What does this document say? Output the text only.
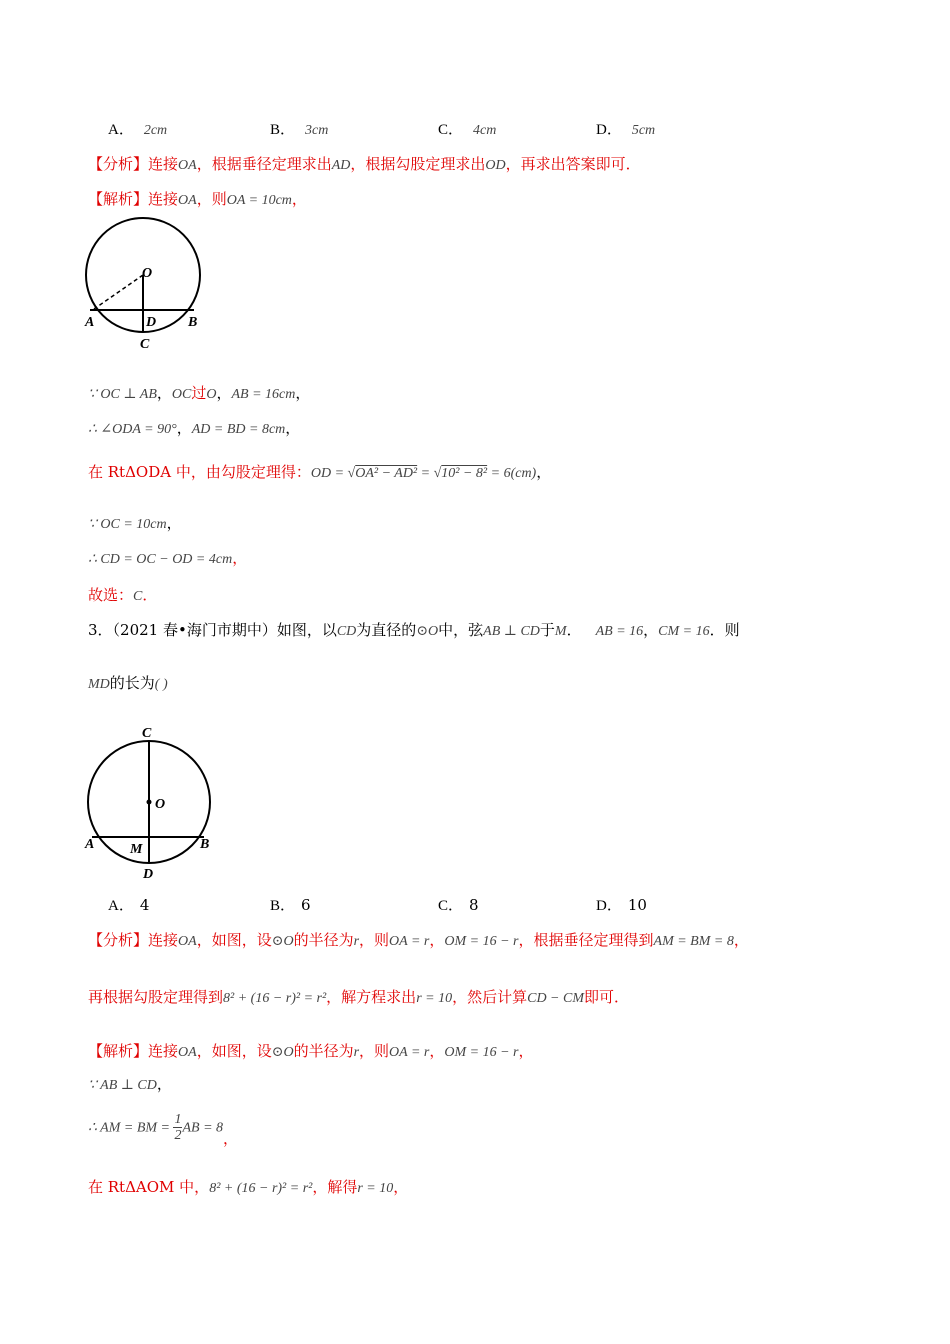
A． 2cm	B． 3cm	C． 4cm	D． 5cm
【分析】连接OA，根据垂径定理求出AD，根据勾股定理求出OD，再求出答案即可．
【解析】连接OA，则OA = 10cm，
O
A	D B
C
∵ OC ⊥ AB，OC过O，AB = 16cm，
∴ ∠ODA = 90°，AD = BD = 8cm，
在 RtΔODA 中，由勾股定理得：OD = √OA² − AD² = √10² − 8² = 6(cm)，
∵ OC = 10cm，
∴ CD = OC − OD = 4cm，
故选：C．
3．（2021 春•海门市期中）如图，以CD为直径的⊙O中，弦AB ⊥ CD于M． AB = 16，CM = 16．则
MD的长为( )
C
O
A	M	B
D
A． 4	B． 6	C． 8	D． 10
【分析】连接OA，如图，设⊙O的半径为r，则OA = r，OM = 16 − r，根据垂径定理得到AM = BM = 8，
再根据勾股定理得到8² + (16 − r)² = r²，解方程求出r = 10，然后计算CD − CM即可．
【解析】连接OA，如图，设⊙O的半径为r，则OA = r，OM = 16 − r，
∵ AB ⊥ CD，
∴ AM = BM = $\frac{1}{2}$ AB = 8，
在 RtΔAOM 中，8² + (16 − r)² = r²，解得r = 10，
